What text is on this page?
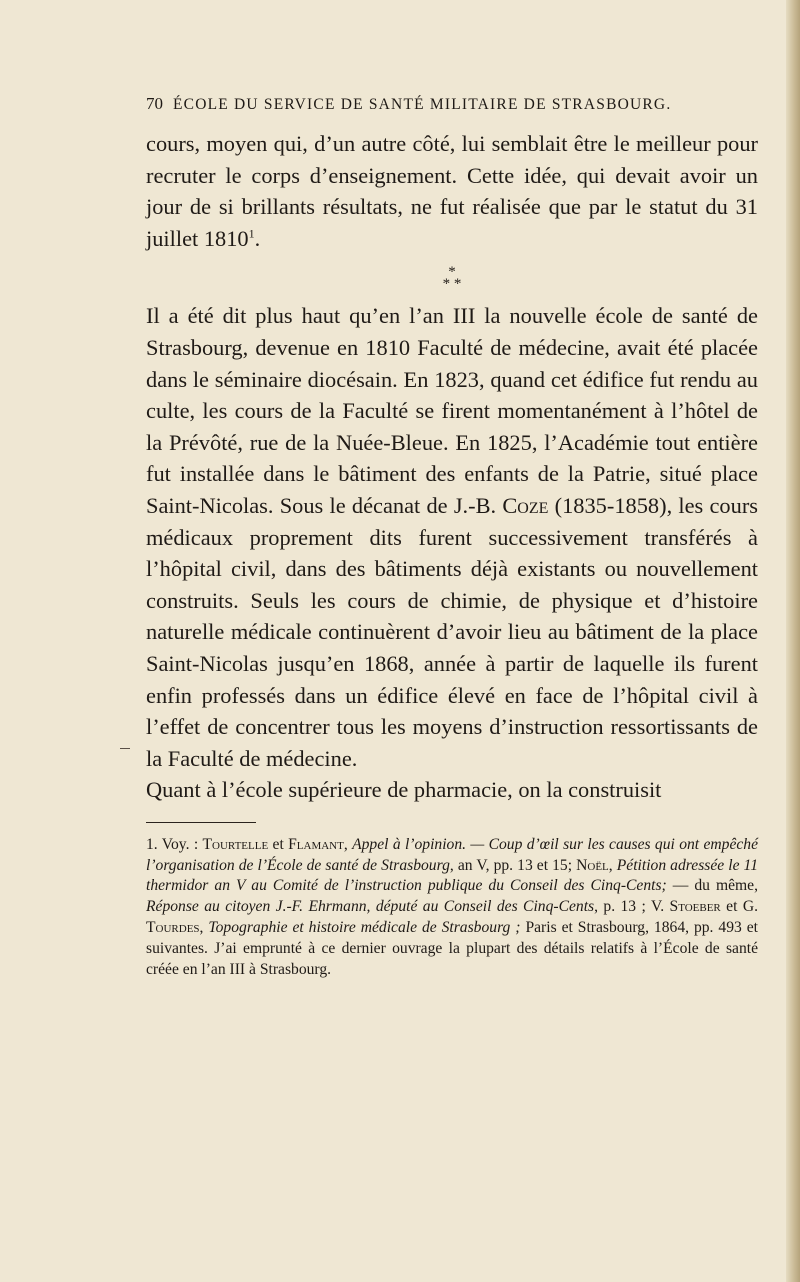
70 ÉCOLE DU SERVICE DE SANTÉ MILITAIRE DE STRASBOURG.

cours, moyen qui, d’un autre côté, lui semblait être le meilleur pour recruter le corps d’enseignement. Cette idée, qui devait avoir un jour de si brillants résultats, ne fut réalisée que par le statut du 31 juillet 1810$^1$.

*
* *

Il a été dit plus haut qu’en l’an III la nouvelle école de santé de Strasbourg, devenue en 1810 Faculté de médecine, avait été placée dans le séminaire diocésain. En 1823, quand cet édifice fut rendu au culte, les cours de la Faculté se firent momentanément à l’hôtel de la Prévôté, rue de la Nuée-Bleue. En 1825, l’Académie tout entière fut installée dans le bâtiment des enfants de la Patrie, situé place Saint-Nicolas. Sous le décanat de J.-B. Coze (1835-1858), les cours médicaux proprement dits furent successivement transférés à l’hôpital civil, dans des bâtiments déjà existants ou nouvellement construits. Seuls les cours de chimie, de physique et d’histoire naturelle médicale continuèrent d’avoir lieu au bâtiment de la place Saint-Nicolas jusqu’en 1868, année à partir de laquelle ils furent enfin professés dans un édifice élevé en face de l’hôpital civil à l’effet de concentrer tous les moyens d’instruction ressortissants de la Faculté de médecine.

Quant à l’école supérieure de pharmacie, on la construisit

1. Voy. : Tourtelle et Flamant, Appel à l’opinion. — Coup d’œil sur les causes qui ont empêché l’organisation de l’École de santé de Strasbourg, an V, pp. 13 et 15; Noël, Pétition adressée le 11 thermidor an V au Comité de l’instruction publique du Conseil des Cinq-Cents; — du même, Réponse au citoyen J.-F. Ehrmann, député au Conseil des Cinq-Cents, p. 13 ; V. Stoeber et G. Tourdes, Topographie et histoire médicale de Strasbourg ; Paris et Strasbourg, 1864, pp. 493 et suivantes. J’ai emprunté à ce dernier ouvrage la plupart des détails relatifs à l’École de santé créée en l’an III à Strasbourg.
